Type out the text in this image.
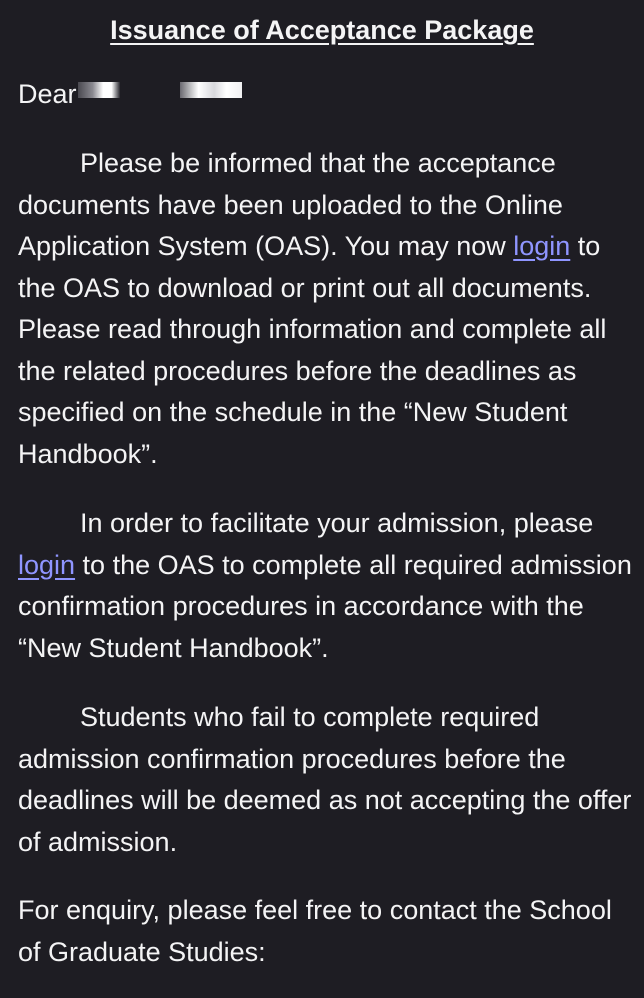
Issuance of Acceptance Package
Dear

Please be informed that the acceptance documents have been uploaded to the Online Application System (OAS). You may now login to the OAS to download or print out all documents. Please read through information and complete all the related procedures before the deadlines as specified on the schedule in the “New Student Handbook”.

In order to facilitate your admission, please
login to the OAS to complete all required admission confirmation procedures in accordance with the “New Student Handbook”.

Students who fail to complete required admission confirmation procedures before the deadlines will be deemed as not accepting the offer of admission.

For enquiry, please feel free to contact the School of Graduate Studies:
